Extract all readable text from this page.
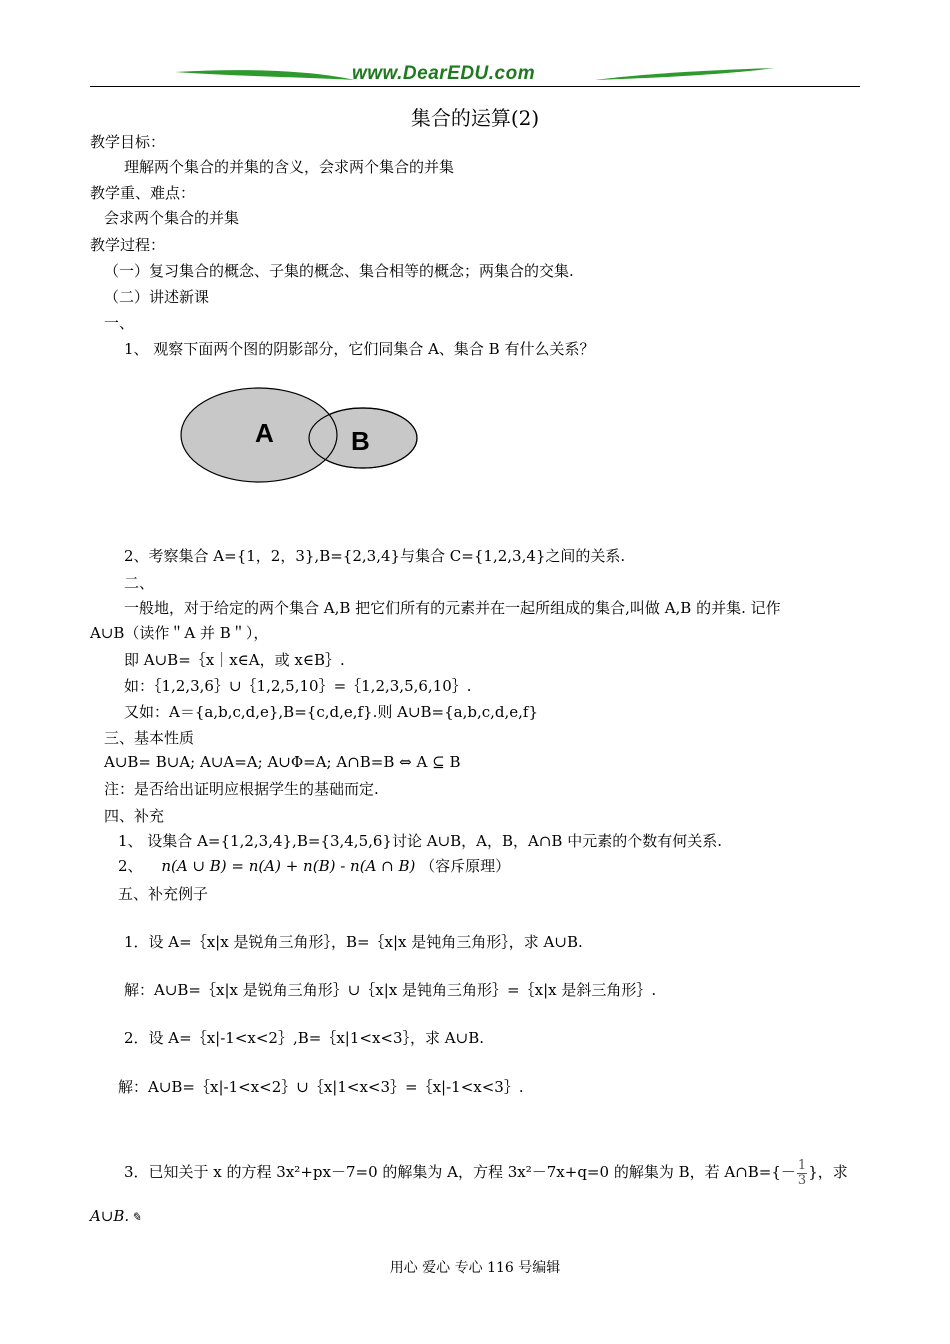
www.DearEDU.com
集合的运算(2)
教学目标：
理解两个集合的并集的含义，会求两个集合的并集
教学重、难点：
会求两个集合的并集
教学过程：
（一）复习集合的概念、子集的概念、集合相等的概念；两集合的交集.
（二）讲述新课
一、
1、 观察下面两个图的阴影部分，它们同集合 A、集合 B 有什么关系？
A	B
2、考察集合 A={1，2，3},B={2,3,4}与集合 C={1,2,3,4}之间的关系.
二、
一般地，对于给定的两个集合 A,B 把它们所有的元素并在一起所组成的集合,叫做 A,B 的并集. 记作
A∪B（读作＂A 并 B＂），
即 A∪B=｛x｜x∈A，或 x∈B｝.
如：｛1,2,3,6｝∪｛1,2,5,10｝=｛1,2,3,5,6,10｝.
又如：A＝{a,b,c,d,e},B={c,d,e,f}.则 A∪B={a,b,c,d,e,f}
三、基本性质
A∪B= B∪A; A∪A=A; A∪Φ=A; A∩B=B ⇔ A ⊆ B
注：是否给出证明应根据学生的基础而定.
四、补充
1、 设集合 A={1,2,3,4},B={3,4,5,6}讨论 A∪B，A，B，A∩B 中元素的个数有何关系.
2、 n(A ∪ B) = n(A) + n(B) - n(A ∩ B) （容斥原理）
五、补充例子
1．设 A=｛x|x 是锐角三角形｝，B=｛x|x 是钝角三角形｝，求 A∪B.
解：A∪B=｛x|x 是锐角三角形｝∪｛x|x 是钝角三角形｝=｛x|x 是斜三角形｝.
2．设 A=｛x|-1<x<2｝,B=｛x|1<x<3｝，求 A∪B.
解：A∪B=｛x|-1<x<2｝∪｛x|1<x<3｝=｛x|-1<x<3｝.
3．已知关于 x 的方程 3x²+px－7=0 的解集为 A，方程 3x²－7x+q=0 的解集为 B，若 A∩B={－ $\frac{1}{3}$ }，求
A∪B. ✎
用心 爱心 专心 116 号编辑
